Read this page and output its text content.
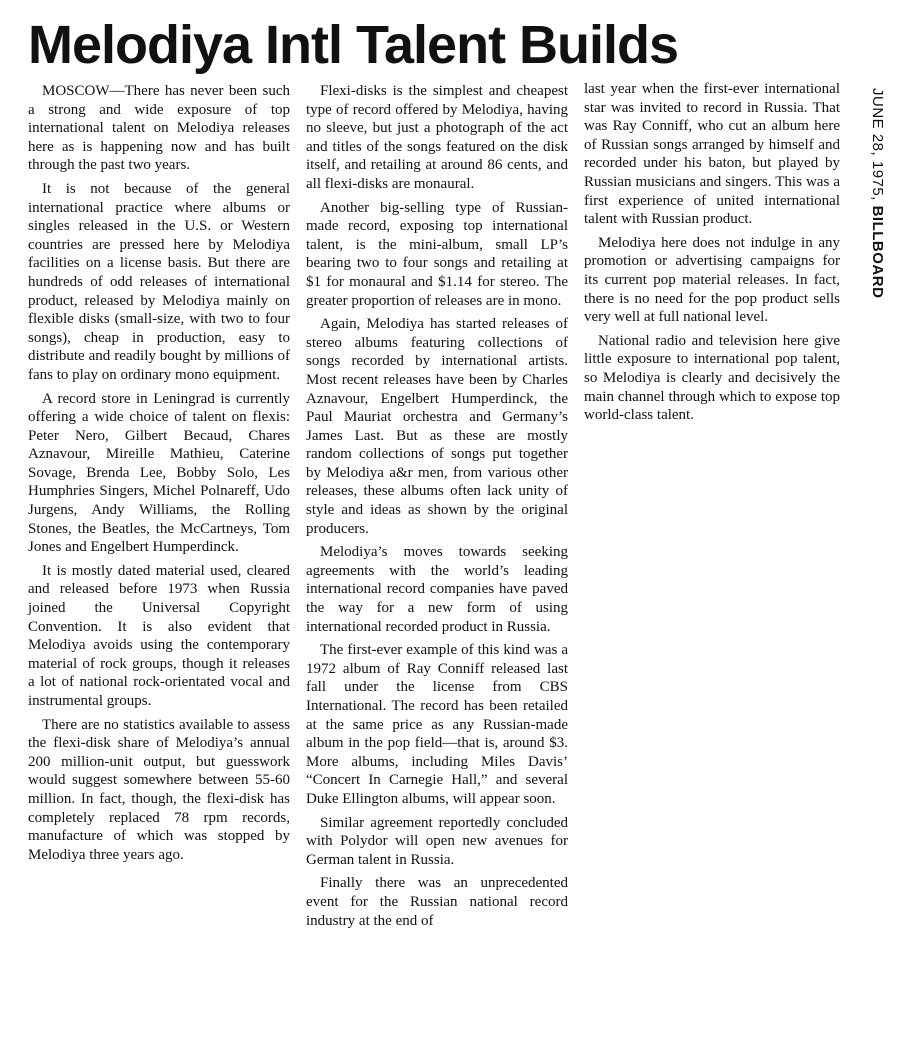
Melodiya Intl Talent Builds

MOSCOW—There has never been such a strong and wide exposure of top international talent on Melodiya releases here as is happening now and has built through the past two years.

It is not because of the general international practice where albums or singles released in the U.S. or Western countries are pressed here by Melodiya facilities on a license basis. But there are hundreds of odd releases of international product, released by Melodiya mainly on flexible disks (small-size, with two to four songs), cheap in production, easy to distribute and readily bought by millions of fans to play on ordinary mono equipment.

A record store in Leningrad is currently offering a wide choice of talent on flexis: Peter Nero, Gilbert Becaud, Chares Aznavour, Mireille Mathieu, Caterine Sovage, Brenda Lee, Bobby Solo, Les Humphries Singers, Michel Polnareff, Udo Jurgens, Andy Williams, the Rolling Stones, the Beatles, the McCartneys, Tom Jones and Engelbert Humperdinck.

It is mostly dated material used, cleared and released before 1973 when Russia joined the Universal Copyright Convention. It is also evident that Melodiya avoids using the contemporary material of rock groups, though it releases a lot of national rock-orientated vocal and instrumental groups.

There are no statistics available to assess the flexi-disk share of Melodiya’s annual 200 million-unit output, but guesswork would suggest somewhere between 55-60 million. In fact, though, the flexi-disk has completely replaced 78 rpm records, manufacture of which was stopped by Melodiya three years ago.

Flexi-disks is the simplest and cheapest type of record offered by Melodiya, having no sleeve, but just a photograph of the act and titles of the songs featured on the disk itself, and retailing at around 86 cents, and all flexi-disks are monaural.

Another big-selling type of Russian-made record, exposing top international talent, is the mini-album, small LP’s bearing two to four songs and retailing at $1 for monaural and $1.14 for stereo. The greater proportion of releases are in mono.

Again, Melodiya has started releases of stereo albums featuring collections of songs recorded by international artists. Most recent releases have been by Charles Aznavour, Engelbert Humperdinck, the Paul Mauriat orchestra and Germany’s James Last. But as these are mostly random collections of songs put together by Melodiya a&r men, from various other releases, these albums often lack unity of style and ideas as shown by the original producers.

Melodiya’s moves towards seeking agreements with the world’s leading international record companies have paved the way for a new form of using international recorded product in Russia.

The first-ever example of this kind was a 1972 album of Ray Conniff released last fall under the license from CBS International. The record has been retailed at the same price as any Russian-made album in the pop field—that is, around $3. More albums, including Miles Davis’ “Concert In Carnegie Hall,” and several Duke Ellington albums, will appear soon.

Similar agreement reportedly concluded with Polydor will open new avenues for German talent in Russia.

Finally there was an unprecedented event for the Russian national record industry at the end of

last year when the first-ever international star was invited to record in Russia. That was Ray Conniff, who cut an album here of Russian songs arranged by himself and recorded under his baton, but played by Russian musicians and singers. This was a first experience of united international talent with Russian product.

Melodiya here does not indulge in any promotion or advertising campaigns for its current pop material releases. In fact, there is no need for the pop product sells very well at full national level.

National radio and television here give little exposure to international pop talent, so Melodiya is clearly and decisively the main channel through which to expose top world-class talent.

JUNE 28, 1975, BILLBOARD
